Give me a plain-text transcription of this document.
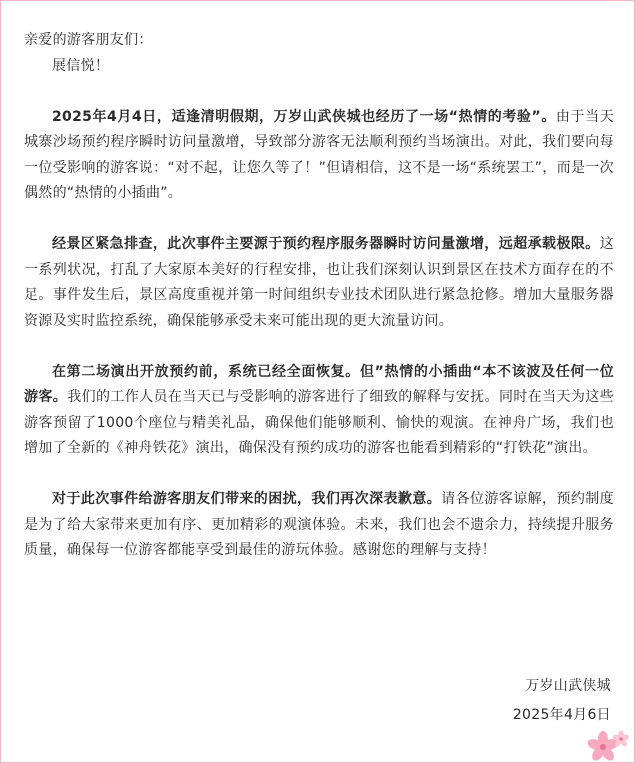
亲爱的游客朋友们：

展信悦！

2025年4月4日，适逢清明假期，万岁山武侠城也经历了一场“热情的考验”。由于当天城寨沙场预约程序瞬时访问量激增，导致部分游客无法顺利预约当场演出。对此，我们要向每一位受影响的游客说：“对不起，让您久等了！”但请相信，这不是一场“系统罢工”，而是一次偶然的“热情的小插曲”。

经景区紧急排查，此次事件主要源于预约程序服务器瞬时访问量激增，远超承载极限。这一系列状况，打乱了大家原本美好的行程安排，也让我们深刻认识到景区在技术方面存在的不足。事件发生后，景区高度重视并第一时间组织专业技术团队进行紧急抢修。增加大量服务器资源及实时监控系统，确保能够承受未来可能出现的更大流量访问。

在第二场演出开放预约前，系统已经全面恢复。但”热情的小插曲“本不该波及任何一位游客。我们的工作人员在当天已与受影响的游客进行了细致的解释与安抚。同时在当天为这些游客预留了1000个座位与精美礼品，确保他们能够顺利、愉快的观演。在神舟广场，我们也增加了全新的《神舟铁花》演出，确保没有预约成功的游客也能看到精彩的“打铁花”演出。

对于此次事件给游客朋友们带来的困扰，我们再次深表歉意。请各位游客谅解，预约制度是为了给大家带来更加有序、更加精彩的观演体验。未来，我们也会不遗余力，持续提升服务质量，确保每一位游客都能享受到最佳的游玩体验。感谢您的理解与支持！

万岁山武侠城
2025年4月6日
